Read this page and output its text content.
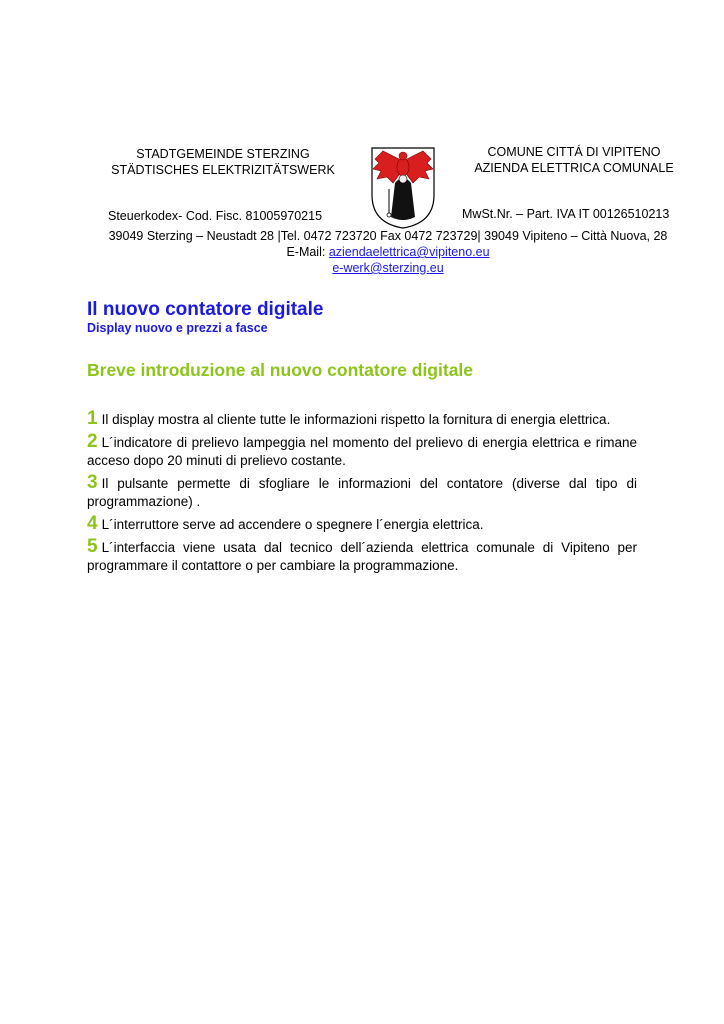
STADTGEMEINDE STERZING
STÄDTISCHES ELEKTRIZITÄTSWERK
COMUNE CITTÁ DI VIPITENO
AZIENDA ELETTRICA COMUNALE
Steuerkodex- Cod. Fisc. 81005970215	MwSt.Nr. – Part. IVA IT 00126510213
39049 Sterzing – Neustadt 28 |Tel. 0472 723720 Fax 0472 723729| 39049 Vipiteno – Città Nuova, 28
E-Mail: aziendaelettrica@vipiteno.eu
e-werk@sterzing.eu
Il nuovo contatore digitale
Display nuovo e prezzi a fasce
Breve introduzione al nuovo contatore digitale
1 Il display mostra al cliente tutte le informazioni rispetto la fornitura di energia elettrica.
2 L´indicatore di prelievo lampeggia nel momento del prelievo di energia elettrica e rimane acceso dopo 20 minuti di prelievo costante.
3 Il pulsante permette di sfogliare le informazioni del contatore (diverse dal tipo di programmazione) .
4 L´interruttore serve ad accendere o spegnere l´energia elettrica.
5 L´interfaccia viene usata dal tecnico dell´azienda elettrica comunale di Vipiteno per programmare il contattore o per cambiare la programmazione.
